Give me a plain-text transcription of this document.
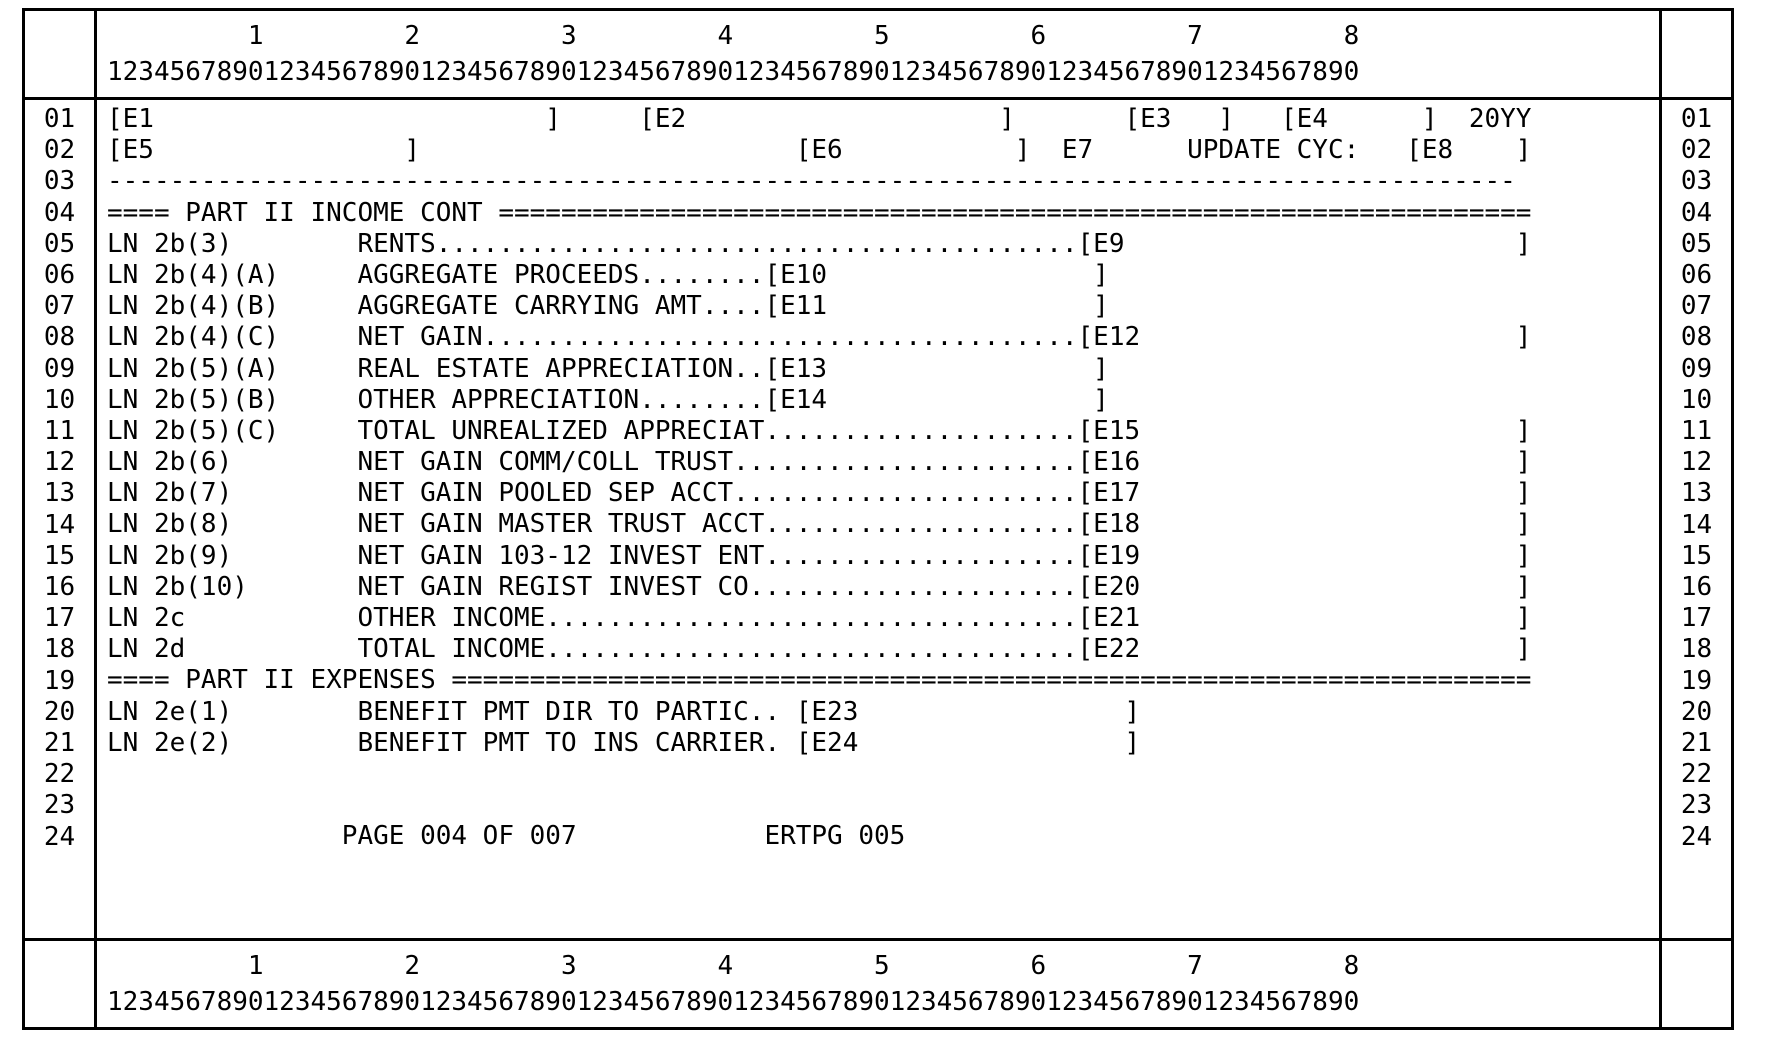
1         2         3         4         5         6         7         8
12345678901234567890123456789012345678901234567890123456789012345678901234567890
01
02
03
04
05
06
07
08
09
10
11
12
13
14
15
16
17
18
19
20
21
22
23
24
[E1                         ]     [E2                    ]       [E3   ]   [E4      ]  20YY
[E5                ]                        [E6           ]  E7      UPDATE CYC:   [E8    ]
------------------------------------------------------------------------------------------
==== PART II INCOME CONT ==================================================================
LN 2b(3)        RENTS.........................................[E9                         ]
LN 2b(4)(A)     AGGREGATE PROCEEDS........[E10                 ]
LN 2b(4)(B)     AGGREGATE CARRYING AMT....[E11                 ]
LN 2b(4)(C)     NET GAIN......................................[E12                        ]
LN 2b(5)(A)     REAL ESTATE APPRECIATION..[E13                 ]
LN 2b(5)(B)     OTHER APPRECIATION........[E14                 ]
LN 2b(5)(C)     TOTAL UNREALIZED APPRECIAT....................[E15                        ]
LN 2b(6)        NET GAIN COMM/COLL TRUST......................[E16                        ]
LN 2b(7)        NET GAIN POOLED SEP ACCT......................[E17                        ]
LN 2b(8)        NET GAIN MASTER TRUST ACCT....................[E18                        ]
LN 2b(9)        NET GAIN 103-12 INVEST ENT....................[E19                        ]
LN 2b(10)       NET GAIN REGIST INVEST CO.....................[E20                        ]
LN 2c           OTHER INCOME..................................[E21                        ]
LN 2d           TOTAL INCOME..................................[E22                        ]
==== PART II EXPENSES =====================================================================
LN 2e(1)        BENEFIT PMT DIR TO PARTIC.. [E23                 ]
LN 2e(2)        BENEFIT PMT TO INS CARRIER. [E24                 ]
PAGE 004 OF 007            ERTPG 005
01
02
03
04
05
06
07
08
09
10
11
12
13
14
15
16
17
18
19
20
21
22
23
24
1         2         3         4         5         6         7         8
12345678901234567890123456789012345678901234567890123456789012345678901234567890
